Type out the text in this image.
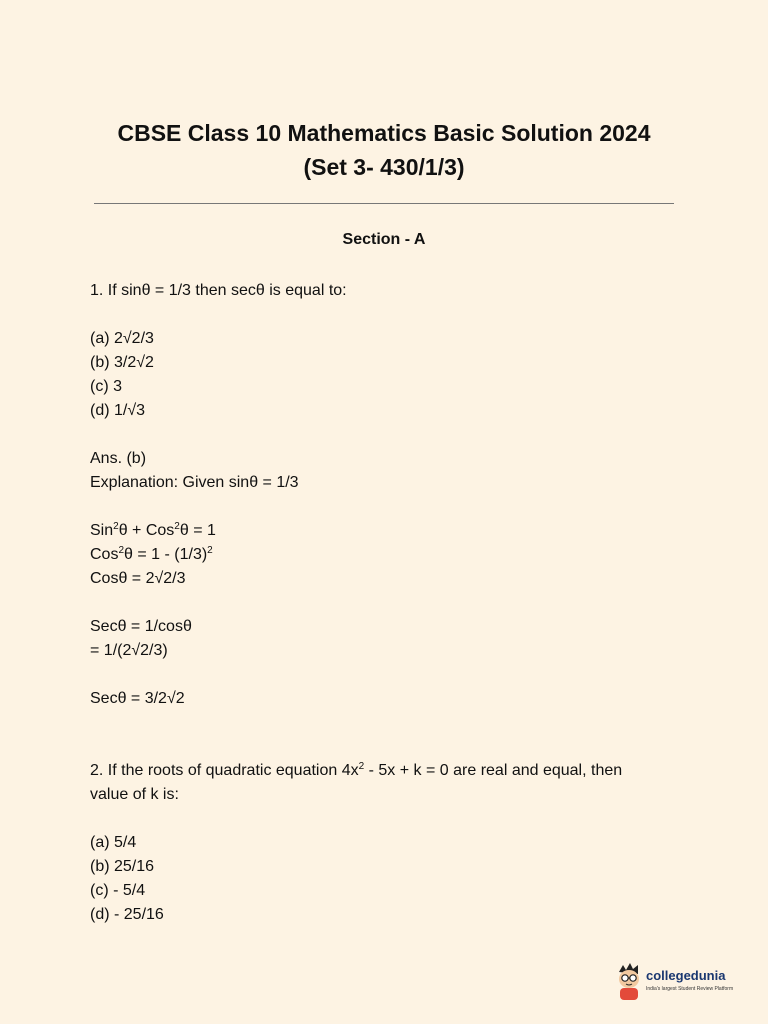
CBSE Class 10 Mathematics Basic Solution 2024
(Set 3- 430/1/3)
Section - A

1. If sinθ = 1/3 then secθ is equal to:

(a) 2√2/3

(b) 3/2√2

(c) 3

(d) 1/√3

Ans. (b)

Explanation: Given sinθ = 1/3

Sin$^2$θ + Cos$^2$θ = 1

$Cos^2\theta = 1 - (1/3)^2$

Cosθ = 2√2/3

Secθ = 1/cosθ

= 1/(2√2/3)

Secθ = 3/2√2

2. If the roots of quadratic equation $4x^2 - 5x + k = 0$ are real and equal, then

value of k is:

(a) 5/4

(b) 25/16

(c) - 5/4

(d) - 25/16

collegedunia
India's largest Student Review Platform
